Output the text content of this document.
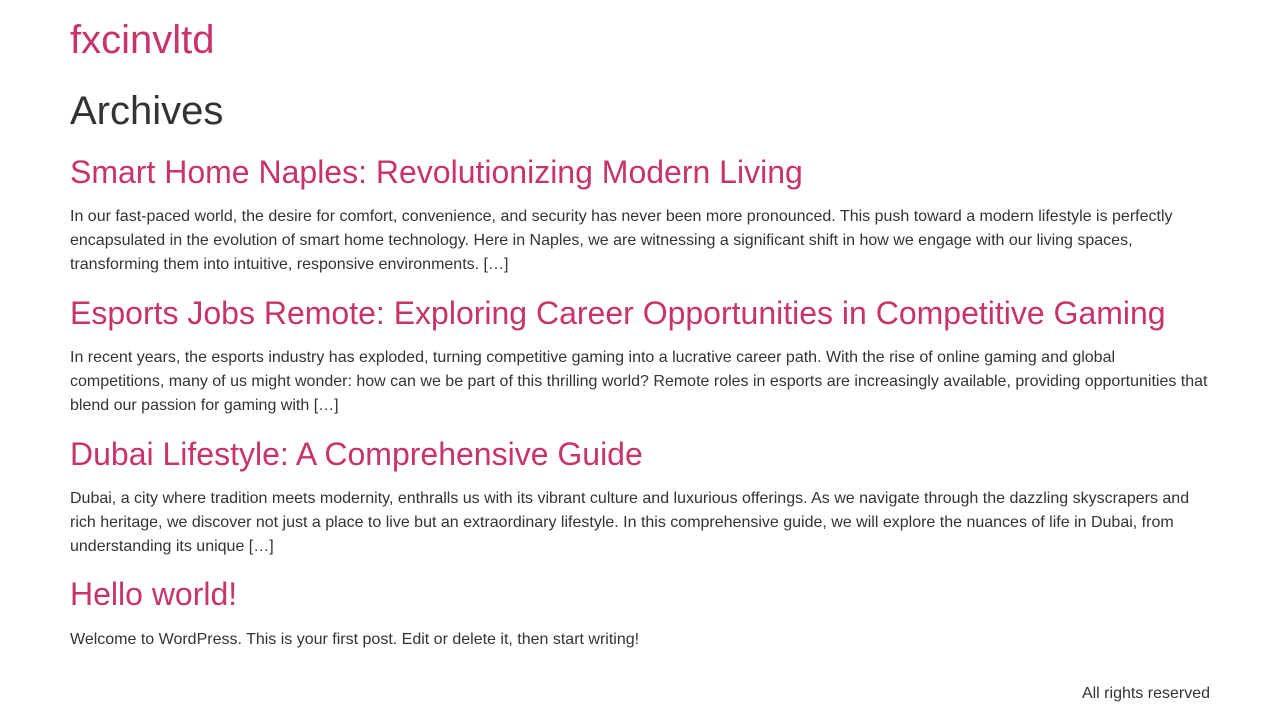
fxcinvltd
Archives
Smart Home Naples: Revolutionizing Modern Living

In our fast-paced world, the desire for comfort, convenience, and security has never been more pronounced. This push toward a modern lifestyle is perfectly encapsulated in the evolution of smart home technology. Here in Naples, we are witnessing a significant shift in how we engage with our living spaces, transforming them into intuitive, responsive environments. […]

Esports Jobs Remote: Exploring Career Opportunities in Competitive Gaming

In recent years, the esports industry has exploded, turning competitive gaming into a lucrative career path. With the rise of online gaming and global competitions, many of us might wonder: how can we be part of this thrilling world? Remote roles in esports are increasingly available, providing opportunities that blend our passion for gaming with […]

Dubai Lifestyle: A Comprehensive Guide

Dubai, a city where tradition meets modernity, enthralls us with its vibrant culture and luxurious offerings. As we navigate through the dazzling skyscrapers and rich heritage, we discover not just a place to live but an extraordinary lifestyle. In this comprehensive guide, we will explore the nuances of life in Dubai, from understanding its unique […]

Hello world!

Welcome to WordPress. This is your first post. Edit or delete it, then start writing!

All rights reserved
